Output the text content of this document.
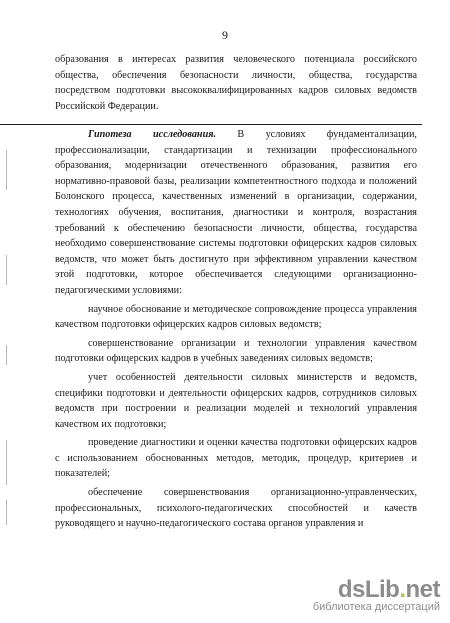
9

образования в интересах развития человеческого потенциала российского общества, обеспечения безопасности личности, общества, государства посредством подготовки высококвалифицированных кадров силовых ведомств Российской Федерации.

Гипотеза исследования. В условиях фундаментализации, профессионализации, стандартизации и технизации профессионального образования, модернизации отечественного образования, развития его нормативно-правовой базы, реализации компетентностного подхода и положений Болонского процесса, качественных изменений в организации, содержании, технологиях обучения, воспитания, диагностики и контроля, возрастания требований к обеспечению безопасности личности, общества, государства необходимо совершенствование системы подготовки офицерских кадров силовых ведомств, что может быть достигнуто при эффективном управлении качеством этой подготовки, которое обеспечивается следующими организационно-педагогическими условиями:

научное обоснование и методическое сопровождение процесса управления качеством подготовки офицерских кадров силовых ведомств;

совершенствование организации и технологии управления качеством подготовки офицерских кадров в учебных заведениях силовых ведомств;

учет особенностей деятельности силовых министерств и ведомств, специфики подготовки и деятельности офицерских кадров, сотрудников силовых ведомств при построении и реализации моделей и технологий управления качеством их подготовки;

проведение диагностики и оценки качества подготовки офицерских кадров с использованием обоснованных методов, методик, процедур, критериев и показателей;

обеспечение совершенствования организационно-управленческих, профессиональных, психолого-педагогических способностей и качеств руководящего и научно-педагогического состава органов управления и

dsLib.net
библиотека диссертаций
